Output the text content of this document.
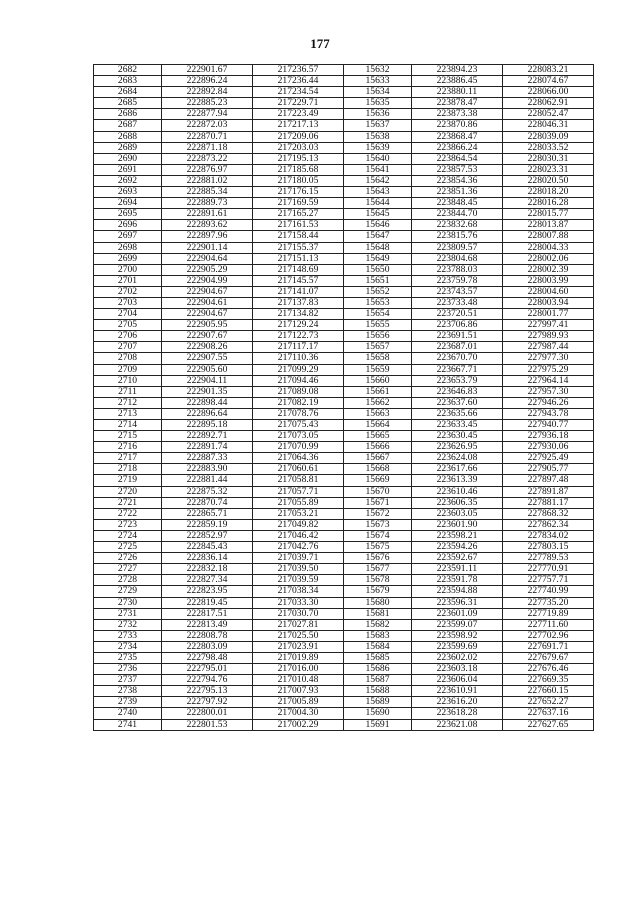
177
2682	222901.67	217236.57	15632	223894.23	228083.21
2683	222896.24	217236.44	15633	223886.45	228074.67
2684	222892.84	217234.54	15634	223880.11	228066.00
2685	222885.23	217229.71	15635	223878.47	228062.91
2686	222877.94	217223.49	15636	223873.38	228052.47
2687	222872.03	217217.13	15637	223870.86	228046.31
2688	222870.71	217209.06	15638	223868.47	228039.09
2689	222871.18	217203.03	15639	223866.24	228033.52
2690	222873.22	217195.13	15640	223864.54	228030.31
2691	222876.97	217185.68	15641	223857.53	228023.31
2692	222881.02	217180.05	15642	223854.36	228020.50
2693	222885.34	217176.15	15643	223851.36	228018.20
2694	222889.73	217169.59	15644	223848.45	228016.28
2695	222891.61	217165.27	15645	223844.70	228015.77
2696	222893.62	217161.53	15646	223832.68	228013.87
2697	222897.96	217158.44	15647	223815.76	228007.88
2698	222901.14	217155.37	15648	223809.57	228004.33
2699	222904.64	217151.13	15649	223804.68	228002.06
2700	222905.29	217148.69	15650	223788.03	228002.39
2701	222904.99	217145.57	15651	223759.78	228003.99
2702	222904.67	217141.07	15652	223743.57	228004.60
2703	222904.61	217137.83	15653	223733.48	228003.94
2704	222904.67	217134.82	15654	223720.51	228001.77
2705	222905.95	217129.24	15655	223706.86	227997.41
2706	222907.67	217122.73	15656	223691.51	227989.93
2707	222908.26	217117.17	15657	223687.01	227987.44
2708	222907.55	217110.36	15658	223670.70	227977.30
2709	222905.60	217099.29	15659	223667.71	227975.29
2710	222904.11	217094.46	15660	223653.79	227964.14
2711	222901.35	217089.08	15661	223646.83	227957.30
2712	222898.44	217082.19	15662	223637.60	227946.26
2713	222896.64	217078.76	15663	223635.66	227943.78
2714	222895.18	217075.43	15664	223633.45	227940.77
2715	222892.71	217073.05	15665	223630.45	227936.18
2716	222891.74	217070.99	15666	223626.95	227930.06
2717	222887.33	217064.36	15667	223624.08	227925.49
2718	222883.90	217060.61	15668	223617.66	227905.77
2719	222881.44	217058.81	15669	223613.39	227897.48
2720	222875.32	217057.71	15670	223610.46	227891.87
2721	222870.74	217055.89	15671	223606.35	227881.17
2722	222865.71	217053.21	15672	223603.05	227868.32
2723	222859.19	217049.82	15673	223601.90	227862.34
2724	222852.97	217046.42	15674	223598.21	227834.02
2725	222845.43	217042.76	15675	223594.26	227803.15
2726	222836.14	217039.71	15676	223592.67	227789.53
2727	222832.18	217039.50	15677	223591.11	227770.91
2728	222827.34	217039.59	15678	223591.78	227757.71
2729	222823.95	217038.34	15679	223594.88	227740.99
2730	222819.45	217033.30	15680	223596.31	227735.20
2731	222817.51	217030.70	15681	223601.09	227719.89
2732	222813.49	217027.81	15682	223599.07	227711.60
2733	222808.78	217025.50	15683	223598.92	227702.96
2734	222803.09	217023.91	15684	223599.69	227691.71
2735	222798.48	217019.89	15685	223602.02	227679.67
2736	222795.01	217016.00	15686	223603.18	227676.46
2737	222794.76	217010.48	15687	223606.04	227669.35
2738	222795.13	217007.93	15688	223610.91	227660.15
2739	222797.92	217005.89	15689	223616.20	227652.27
2740	222800.01	217004.30	15690	223618.28	227637.16
2741	222801.53	217002.29	15691	223621.08	227627.65
